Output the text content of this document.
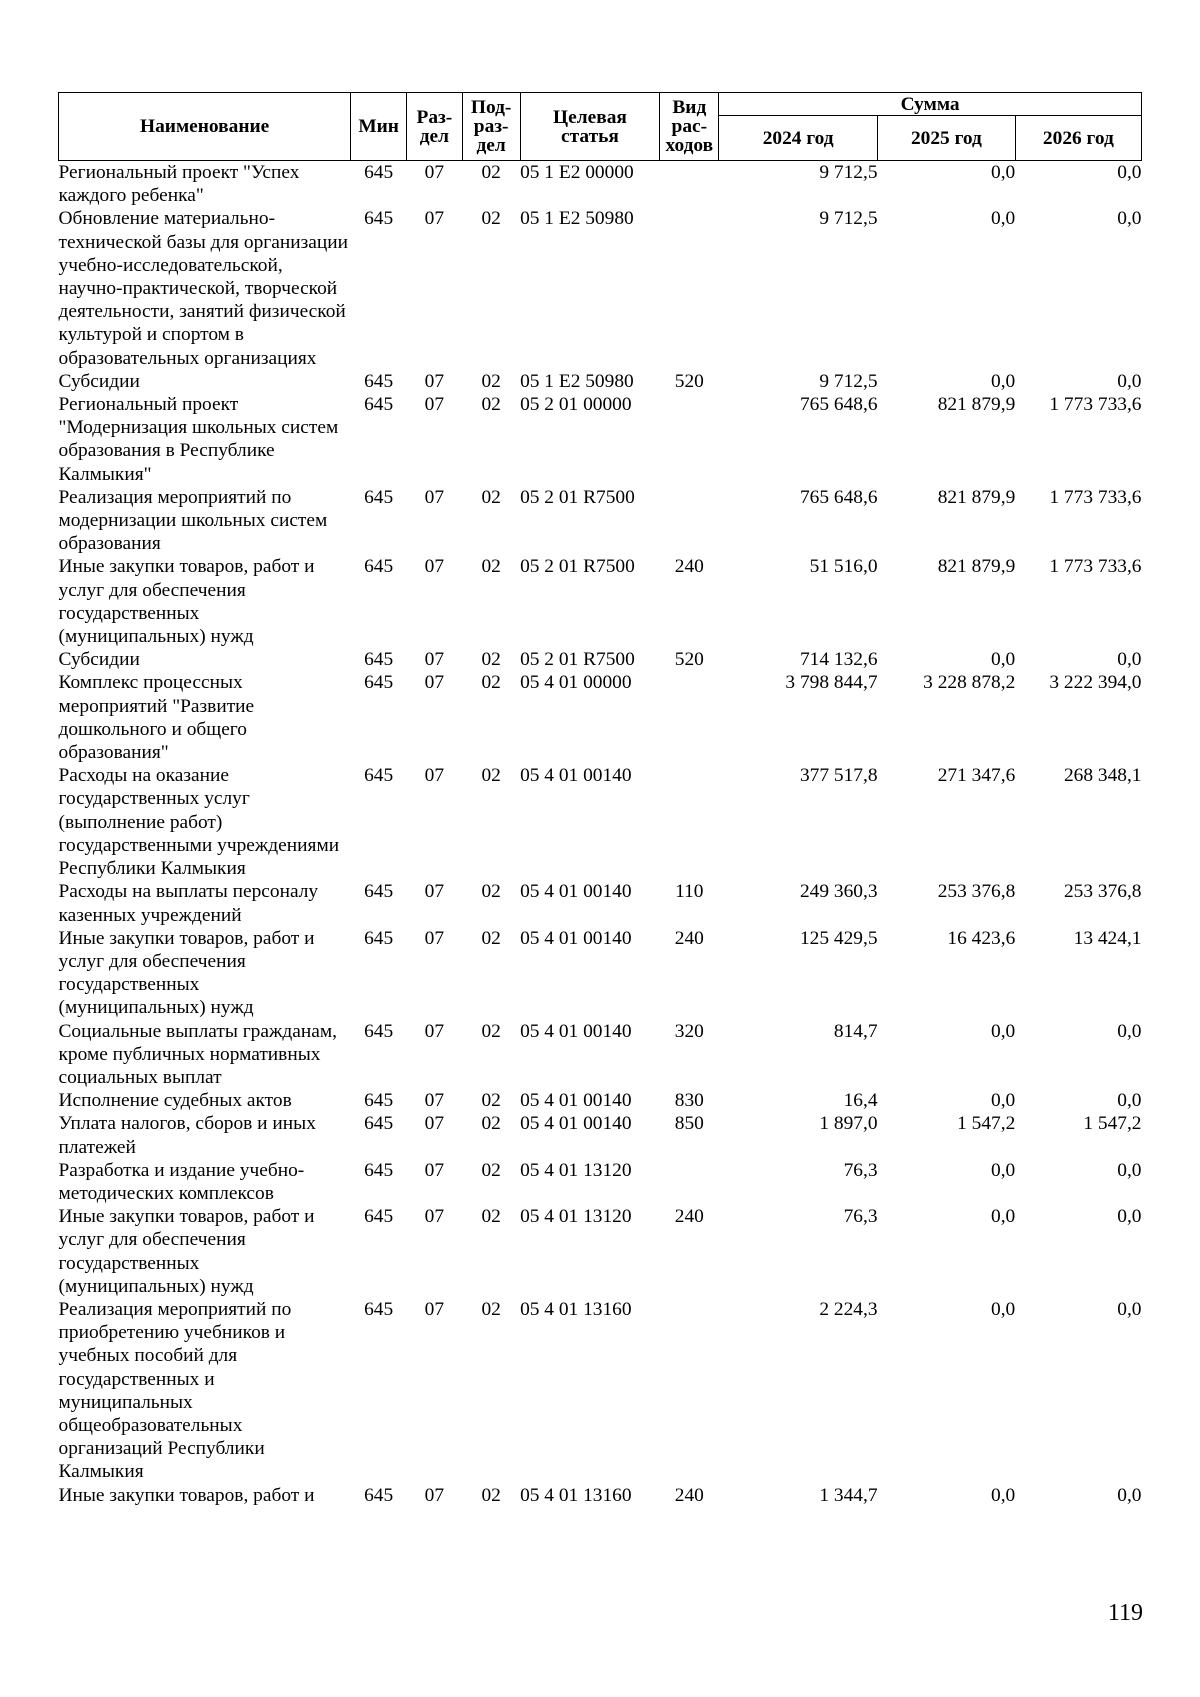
Наименование	Мин	Раз-дел	Под-раз-дел	Целевая статья	Вид рас-ходов	Сумма		
						2024 год	2025 год	2026 год
Региональный проект "Успех каждого ребенка"	645	07	02	05 1 E2 00000		9 712,5	0,0	0,0
Обновление материально-технической базы для организации учебно-исследовательской, научно-практической, творческой деятельности, занятий физической культурой и спортом в образовательных организациях	645	07	02	05 1 E2 50980		9 712,5	0,0	0,0
Субсидии	645	07	02	05 1 E2 50980	520	9 712,5	0,0	0,0
Региональный проект "Модернизация школьных систем образования в Республике Калмыкия"	645	07	02	05 2 01 00000		765 648,6	821 879,9	1 773 733,6
Реализация мероприятий по модернизации школьных систем образования	645	07	02	05 2 01 R7500		765 648,6	821 879,9	1 773 733,6
Иные закупки товаров, работ и услуг для обеспечения государственных (муниципальных) нужд	645	07	02	05 2 01 R7500	240	51 516,0	821 879,9	1 773 733,6
Субсидии	645	07	02	05 2 01 R7500	520	714 132,6	0,0	0,0
Комплекс процессных мероприятий "Развитие дошкольного и общего образования"	645	07	02	05 4 01 00000		3 798 844,7	3 228 878,2	3 222 394,0
Расходы на оказание государственных услуг (выполнение работ) государственными учреждениями Республики Калмыкия	645	07	02	05 4 01 00140		377 517,8	271 347,6	268 348,1
Расходы на выплаты персоналу казенных учреждений	645	07	02	05 4 01 00140	110	249 360,3	253 376,8	253 376,8
Иные закупки товаров, работ и услуг для обеспечения государственных (муниципальных) нужд	645	07	02	05 4 01 00140	240	125 429,5	16 423,6	13 424,1
Социальные выплаты гражданам, кроме публичных нормативных социальных выплат	645	07	02	05 4 01 00140	320	814,7	0,0	0,0
Исполнение судебных актов	645	07	02	05 4 01 00140	830	16,4	0,0	0,0
Уплата налогов, сборов и иных платежей	645	07	02	05 4 01 00140	850	1 897,0	1 547,2	1 547,2
Разработка и издание учебно-методических комплексов	645	07	02	05 4 01 13120		76,3	0,0	0,0
Иные закупки товаров, работ и услуг для обеспечения государственных (муниципальных) нужд	645	07	02	05 4 01 13120	240	76,3	0,0	0,0
Реализация мероприятий по приобретению учебников и учебных пособий для государственных и муниципальных общеобразовательных организаций Республики Калмыкия	645	07	02	05 4 01 13160		2 224,3	0,0	0,0
Иные закупки товаров, работ и	645	07	02	05 4 01 13160	240	1 344,7	0,0	0,0
119
